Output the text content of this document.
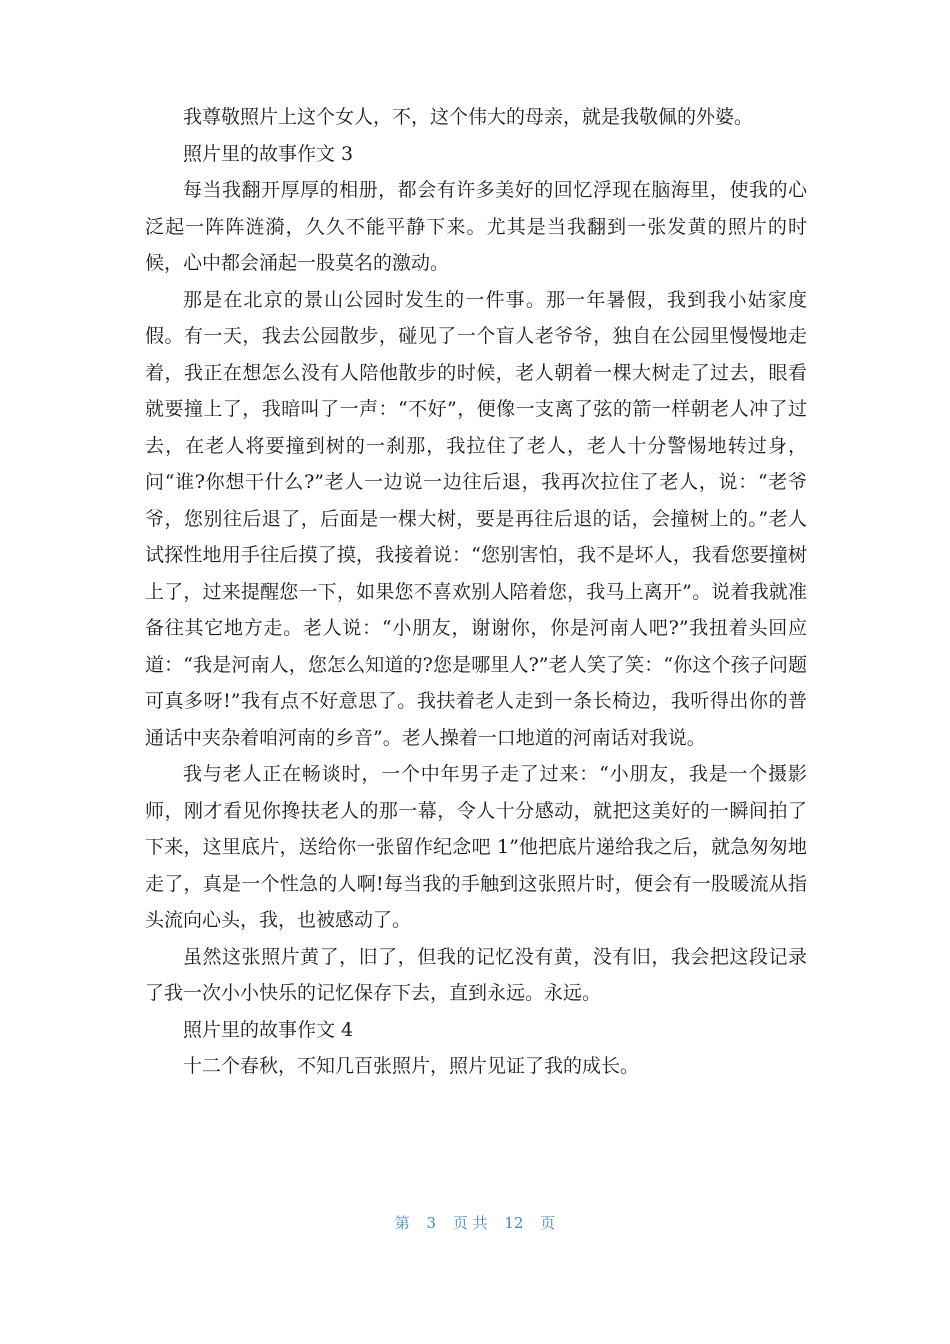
我尊敬照片上这个女人，不，这个伟大的母亲，就是我敬佩的外婆。

照片里的故事作文 3

每当我翻开厚厚的相册，都会有许多美好的回忆浮现在脑海里，使我的心泛起一阵阵涟漪，久久不能平静下来。尤其是当我翻到一张发黄的照片的时候，心中都会涌起一股莫名的激动。

那是在北京的景山公园时发生的一件事。那一年暑假，我到我小姑家度假。有一天，我去公园散步，碰见了一个盲人老爷爷，独自在公园里慢慢地走着，我正在想怎么没有人陪他散步的时候，老人朝着一棵大树走了过去，眼看就要撞上了，我暗叫了一声：“不好”，便像一支离了弦的箭一样朝老人冲了过去，在老人将要撞到树的一刹那，我拉住了老人，老人十分警惕地转过身，问“谁?你想干什么?”老人一边说一边往后退，我再次拉住了老人，说：“老爷爷，您别往后退了，后面是一棵大树，要是再往后退的话，会撞树上的。”老人试探性地用手往后摸了摸，我接着说：“您别害怕，我不是坏人，我看您要撞树上了，过来提醒您一下，如果您不喜欢别人陪着您，我马上离开”。说着我就准备往其它地方走。老人说：“小朋友，谢谢你，你是河南人吧?”我扭着头回应道：“我是河南人，您怎么知道的?您是哪里人?”老人笑了笑：“你这个孩子问题可真多呀!”我有点不好意思了。我扶着老人走到一条长椅边，我听得出你的普通话中夹杂着咱河南的乡音”。老人操着一口地道的河南话对我说。

我与老人正在畅谈时，一个中年男子走了过来：“小朋友，我是一个摄影师，刚才看见你搀扶老人的那一幕，令人十分感动，就把这美好的一瞬间拍了下来，这里底片，送给你一张留作纪念吧 1”他把底片递给我之后，就急匆匆地走了，真是一个性急的人啊!每当我的手触到这张照片时，便会有一股暖流从指头流向心头，我，也被感动了。

虽然这张照片黄了，旧了，但我的记忆没有黄，没有旧，我会把这段记录了我一次小小快乐的记忆保存下去，直到永远。永远。

照片里的故事作文 4

十二个春秋，不知几百张照片，照片见证了我的成长。

第 3 页 共 12 页
